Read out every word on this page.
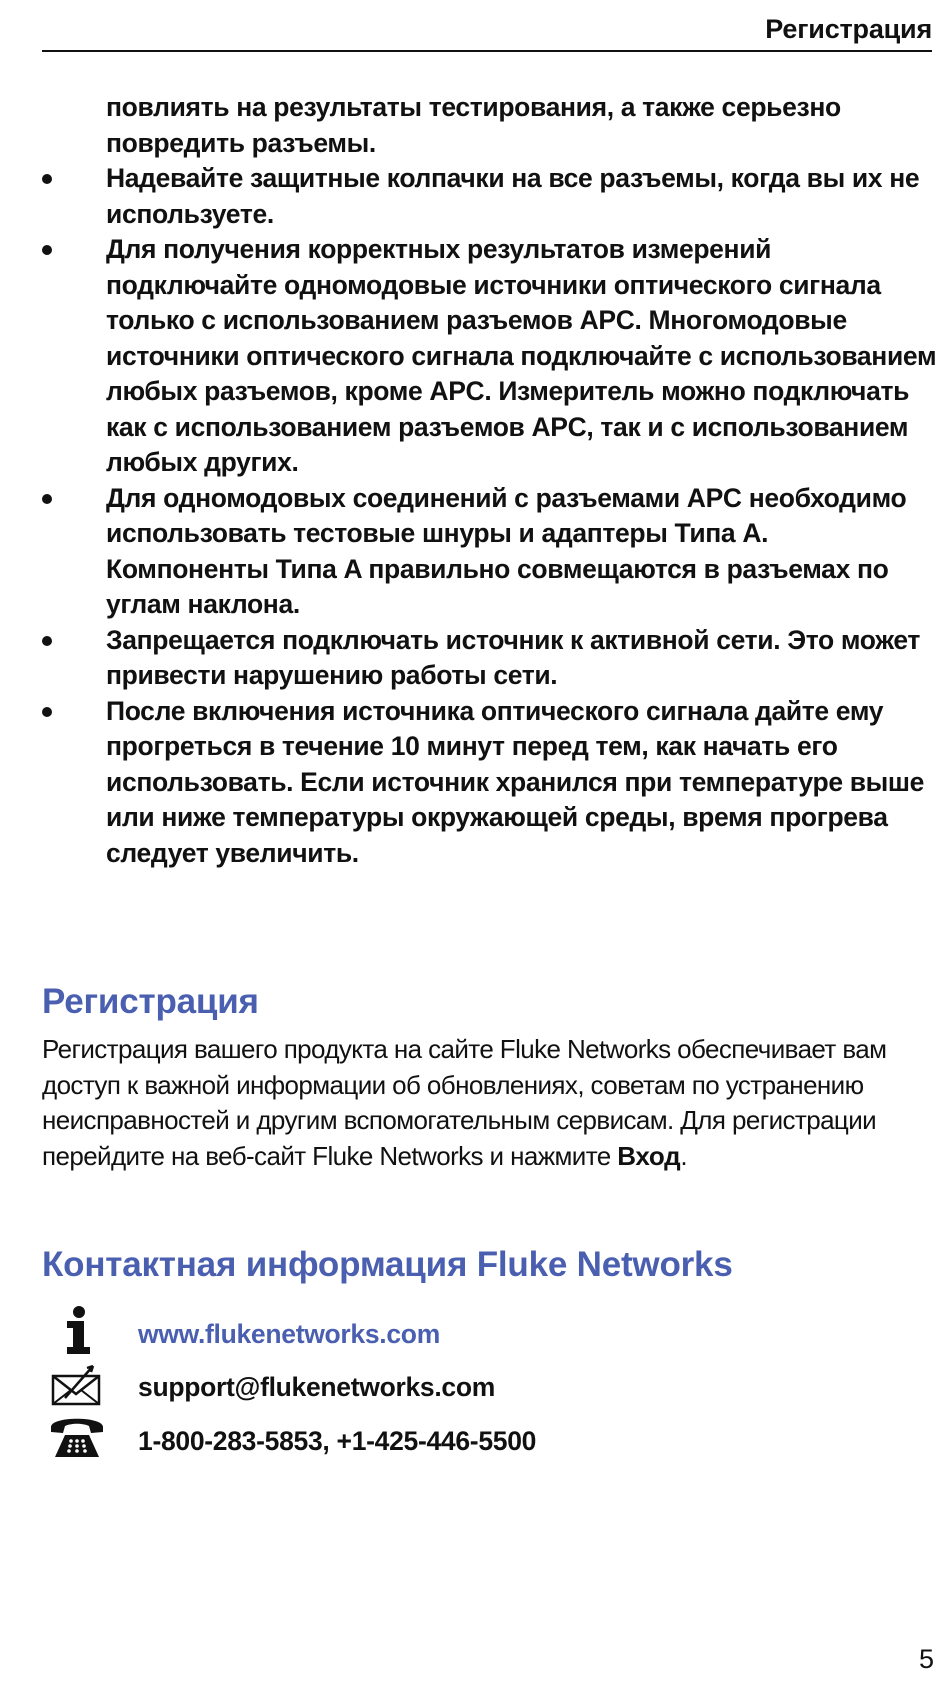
Регистрация

повлиять на результаты тестирования, а также серьезно повредить разъемы.

Надевайте защитные колпачки на все разъемы, когда вы их не используете.
Для получения корректных результатов измерений подключайте одномодовые источники оптического сигнала только с использованием разъемов APC. Многомодовые источники оптического сигнала подключайте с использованием любых разъемов, кроме APC. Измеритель можно подключать как с использованием разъемов APC, так и с использованием любых других.
Для одномодовых соединений с разъемами APC необходимо использовать тестовые шнуры и адаптеры Типа A. Компоненты Типа A правильно совмещаются в разъемах по углам наклона.
Запрещается подключать источник к активной сети. Это может привести нарушению работы сети.
После включения источника оптического сигнала дайте ему прогреться в течение 10 минут перед тем, как начать его использовать. Если источник хранился при температуре выше или ниже температуры окружающей среды, время прогрева следует увеличить.
Регистрация

Регистрация вашего продукта на сайте Fluke Networks обеспечивает вам доступ к важной информации об обновлениях, советам по устранению неисправностей и другим вспомогательным сервисам. Для регистрации перейдите на веб-сайт Fluke Networks и нажмите Вход.

Контактная информация Fluke Networks
www.flukenetworks.com
support@flukenetworks.com
1-800-283-5853, +1-425-446-5500
5
